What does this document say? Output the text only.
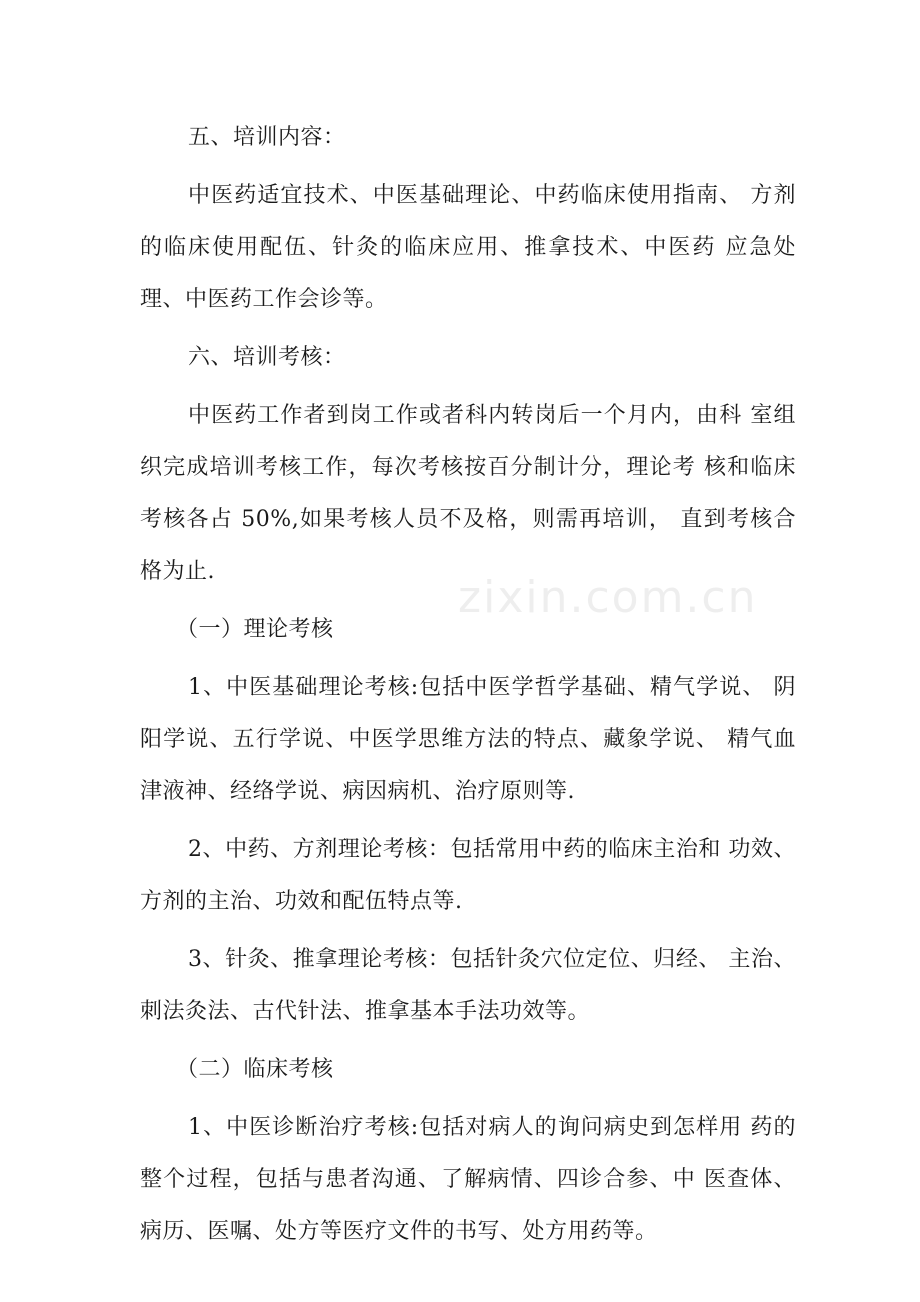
五、培训内容：

中医药适宜技术、中医基础理论、中药临床使用指南、 方剂的临床使用配伍、针灸的临床应用、推拿技术、中医药 应急处理、中医药工作会诊等。

六、培训考核：

中医药工作者到岗工作或者科内转岗后一个月内，由科 室组织完成培训考核工作，每次考核按百分制计分，理论考 核和临床考核各占 50%,如果考核人员不及格，则需再培训， 直到考核合格为止.

（一）理论考核

1、中医基础理论考核:包括中医学哲学基础、精气学说、 阴阳学说、五行学说、中医学思维方法的特点、藏象学说、 精气血津液神、经络学说、病因病机、治疗原则等.

2、中药、方剂理论考核：包括常用中药的临床主治和 功效、方剂的主治、功效和配伍特点等.

3、针灸、推拿理论考核：包括针灸穴位定位、归经、 主治、刺法灸法、古代针法、推拿基本手法功效等。

（二）临床考核

1、中医诊断治疗考核:包括对病人的询问病史到怎样用 药的整个过程，包括与患者沟通、了解病情、四诊合参、中 医查体、病历、医嘱、处方等医疗文件的书写、处方用药等。

zixin.com.cn
